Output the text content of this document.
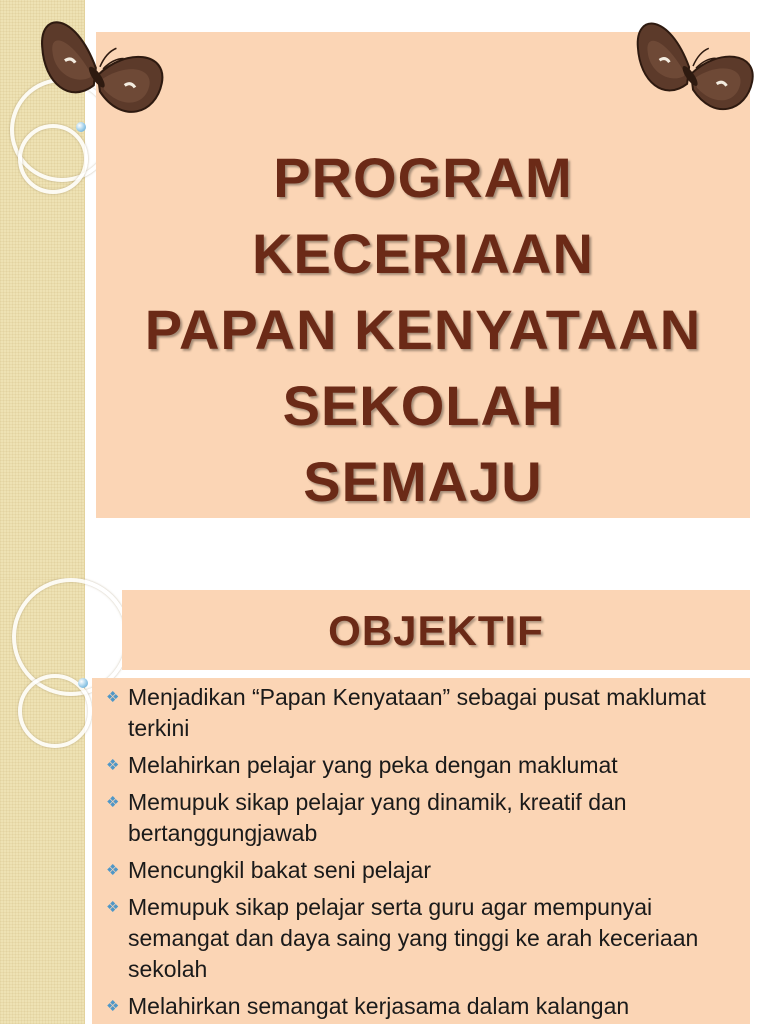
PROGRAM
KECERIAAN
PAPAN KENYATAAN
SEKOLAH
SEMAJU
OBJEKTIF
❖ Menjadikan “Papan Kenyataan” sebagai pusat maklumat terkini
❖ Melahirkan pelajar yang peka dengan maklumat
❖ Memupuk sikap pelajar yang dinamik, kreatif dan bertanggungjawab
❖ Mencungkil bakat seni pelajar
❖ Memupuk sikap pelajar serta guru agar mempunyai semangat dan daya saing yang tinggi ke arah keceriaan sekolah
❖ Melahirkan semangat kerjasama dalam kalangan
